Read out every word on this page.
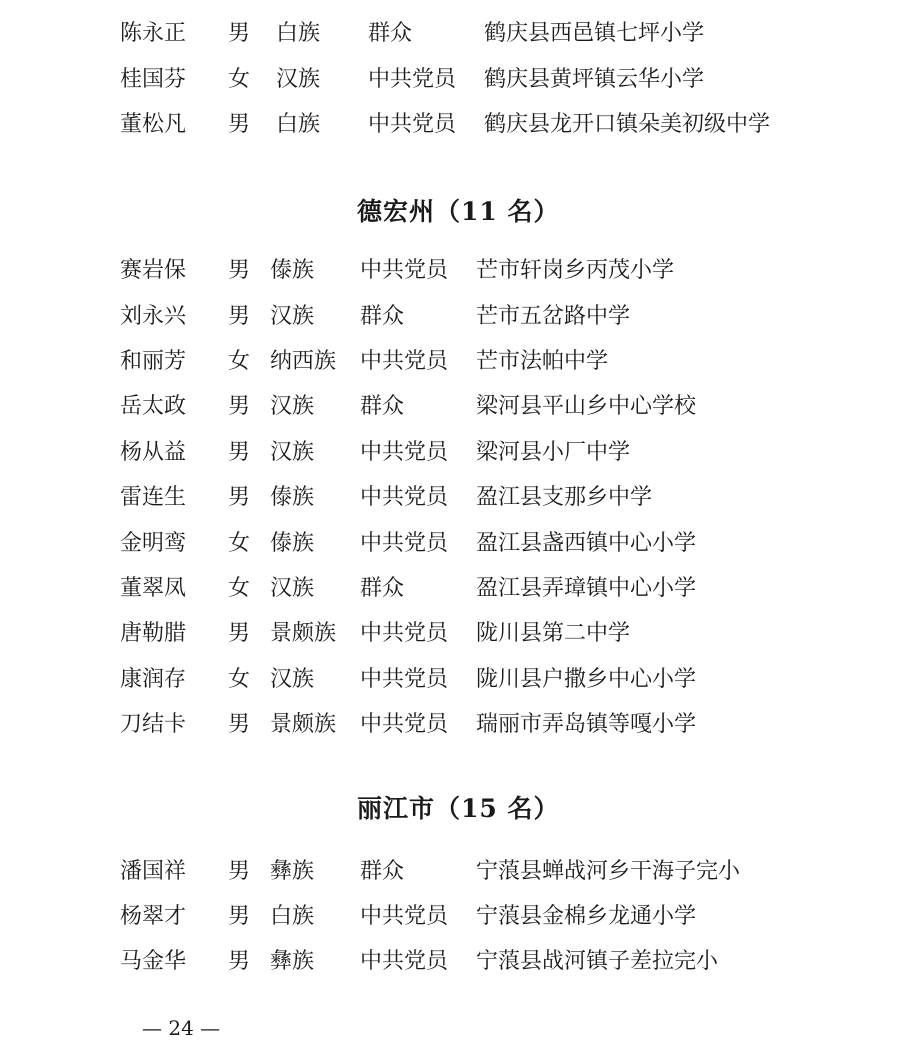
陈永正 男 白族 群众	鹤庆县西邑镇七坪小学
桂国芬 女 汉族 中共党员 鹤庆县黄坪镇云华小学
董松凡 男 白族 中共党员 鹤庆县龙开口镇朵美初级中学
德宏州（11 名）
赛岩保 男 傣族 中共党员 芒市轩岗乡丙茂小学
刘永兴 男 汉族 群众	芒市五岔路中学
和丽芳 女 纳西族 中共党员 芒市法帕中学
岳太政 男 汉族 群众	梁河县平山乡中心学校
杨从益 男 汉族 中共党员 梁河县小厂中学
雷连生 男 傣族 中共党员 盈江县支那乡中学
金明鸾 女 傣族 中共党员 盈江县盏西镇中心小学
董翠凤 女 汉族 群众	盈江县弄璋镇中心小学
唐勒腊 男 景颇族 中共党员 陇川县第二中学
康润存 女 汉族 中共党员 陇川县户撒乡中心小学
刀结卡 男 景颇族 中共党员 瑞丽市弄岛镇等嘎小学
丽江市（15 名）
潘国祥 男 彝族 群众	宁蒗县蝉战河乡干海子完小
杨翠才 男 白族 中共党员 宁蒗县金棉乡龙通小学
马金华 男 彝族 中共党员 宁蒗县战河镇子差拉完小
— 24 —
